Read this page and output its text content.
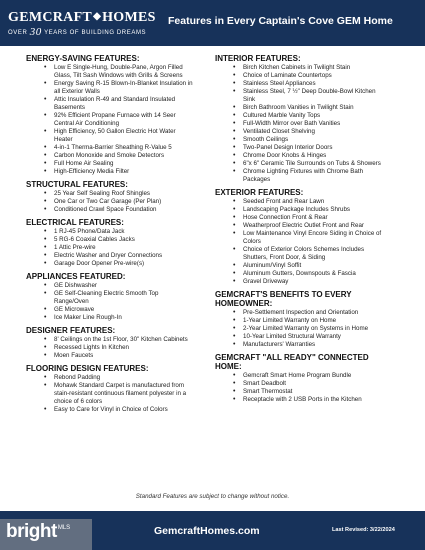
GEMCRAFT◆HOMES
OVER 30 YEARS OF BUILDING DREAMS
Features in Every Captain's Cove GEM Home
ENERGY-SAVING FEATURES:
• Low E Single-Hung, Double-Pane, Argon Filled
Glass, Tilt Sash Windows with Grills & Screens
• Energy Saving R-15 Blown-In-Blanket Insulation in
all Exterior Walls
• Attic Insulation R-49 and Standard Insulated
Basements
• 92% Efficient Propane Furnace with 14 Seer
Central Air Conditioning
• High Efficiency, 50 Gallon Electric Hot Water
Heater
• 4-in-1 Therma-Barrier Sheathing R-Value 5
• Carbon Monoxide and Smoke Detectors
• Full Home Air Sealing
• High-Efficiency Media Filter
STRUCTURAL FEATURES:
• 25 Year Self Sealing Roof Shingles
• One Car or Two Car Garage (Per Plan)
• Conditioned Crawl Space Foundation
ELECTRICAL FEATURES:
• 1 RJ-45 Phone/Data Jack
• 5 RG-6 Coaxial Cables Jacks
• 1 Attic Pre-wire
• Electric Washer and Dryer Connections
• Garage Door Opener Pre-wire(s)
APPLIANCES FEATURED:
• GE Dishwasher
• GE Self-Cleaning Electric Smooth Top
Range/Oven
• GE Microwave
• Ice Maker Line Rough-In
DESIGNER FEATURES:
• 8' Ceilings on the 1st Floor, 30" Kitchen Cabinets
• Recessed Lights In Kitchen
• Moen Faucets
FLOORING DESIGN FEATURES:
• Rebond Padding
• Mohawk Standard Carpet is manufactured from
stain-resistant continuous filament polyester in a
choice of 6 colors
• Easy to Care for Vinyl in Choice of Colors
INTERIOR FEATURES:
• Birch Kitchen Cabinets in Twilight Stain
• Choice of Laminate Countertops
• Stainless Steel Appliances
• Stainless Steel, 7 ½" Deep Double-Bowl Kitchen
Sink
• Birch Bathroom Vanities in Twilight Stain
• Cultured Marble Vanity Tops
• Full-Width Mirror over Bath Vanities
• Ventilated Closet Shelving
• Smooth Ceilings
• Two-Panel Design Interior Doors
• Chrome Door Knobs & Hinges
• 6"x 6" Ceramic Tile Surrounds on Tubs & Showers
• Chrome Lighting Fixtures with Chrome Bath
Packages
EXTERIOR FEATURES:
• Seeded Front and Rear Lawn
• Landscaping Package Includes Shrubs
• Hose Connection Front & Rear
• Weatherproof Electric Outlet Front and Rear
• Low Maintenance Vinyl Encore Siding in Choice of
Colors
• Choice of Exterior Colors Schemes Includes
Shutters, Front Door, & Siding
• Aluminum/Vinyl Soffit
• Aluminum Gutters, Downspouts & Fascia
• Gravel Driveway
GEMCRAFT'S BENEFITS TO EVERY HOMEOWNER:
• Pre-Settlement Inspection and Orientation
• 1-Year Limited Warranty on Home
• 2-Year Limited Warranty on Systems in Home
• 10-Year Limited Structural Warranty
• Manufacturers' Warranties
GEMCRAFT "ALL READY" CONNECTED HOME:
• Gemcraft Smart Home Program Bundle
• Smart Deadbolt
• Smart Thermostat
• Receptacle with 2 USB Ports in the Kitchen
Standard Features are subject to change without notice.
GemcraftHomes.com	Last Revised: 3/22/2024
bright$^{MLS}$
